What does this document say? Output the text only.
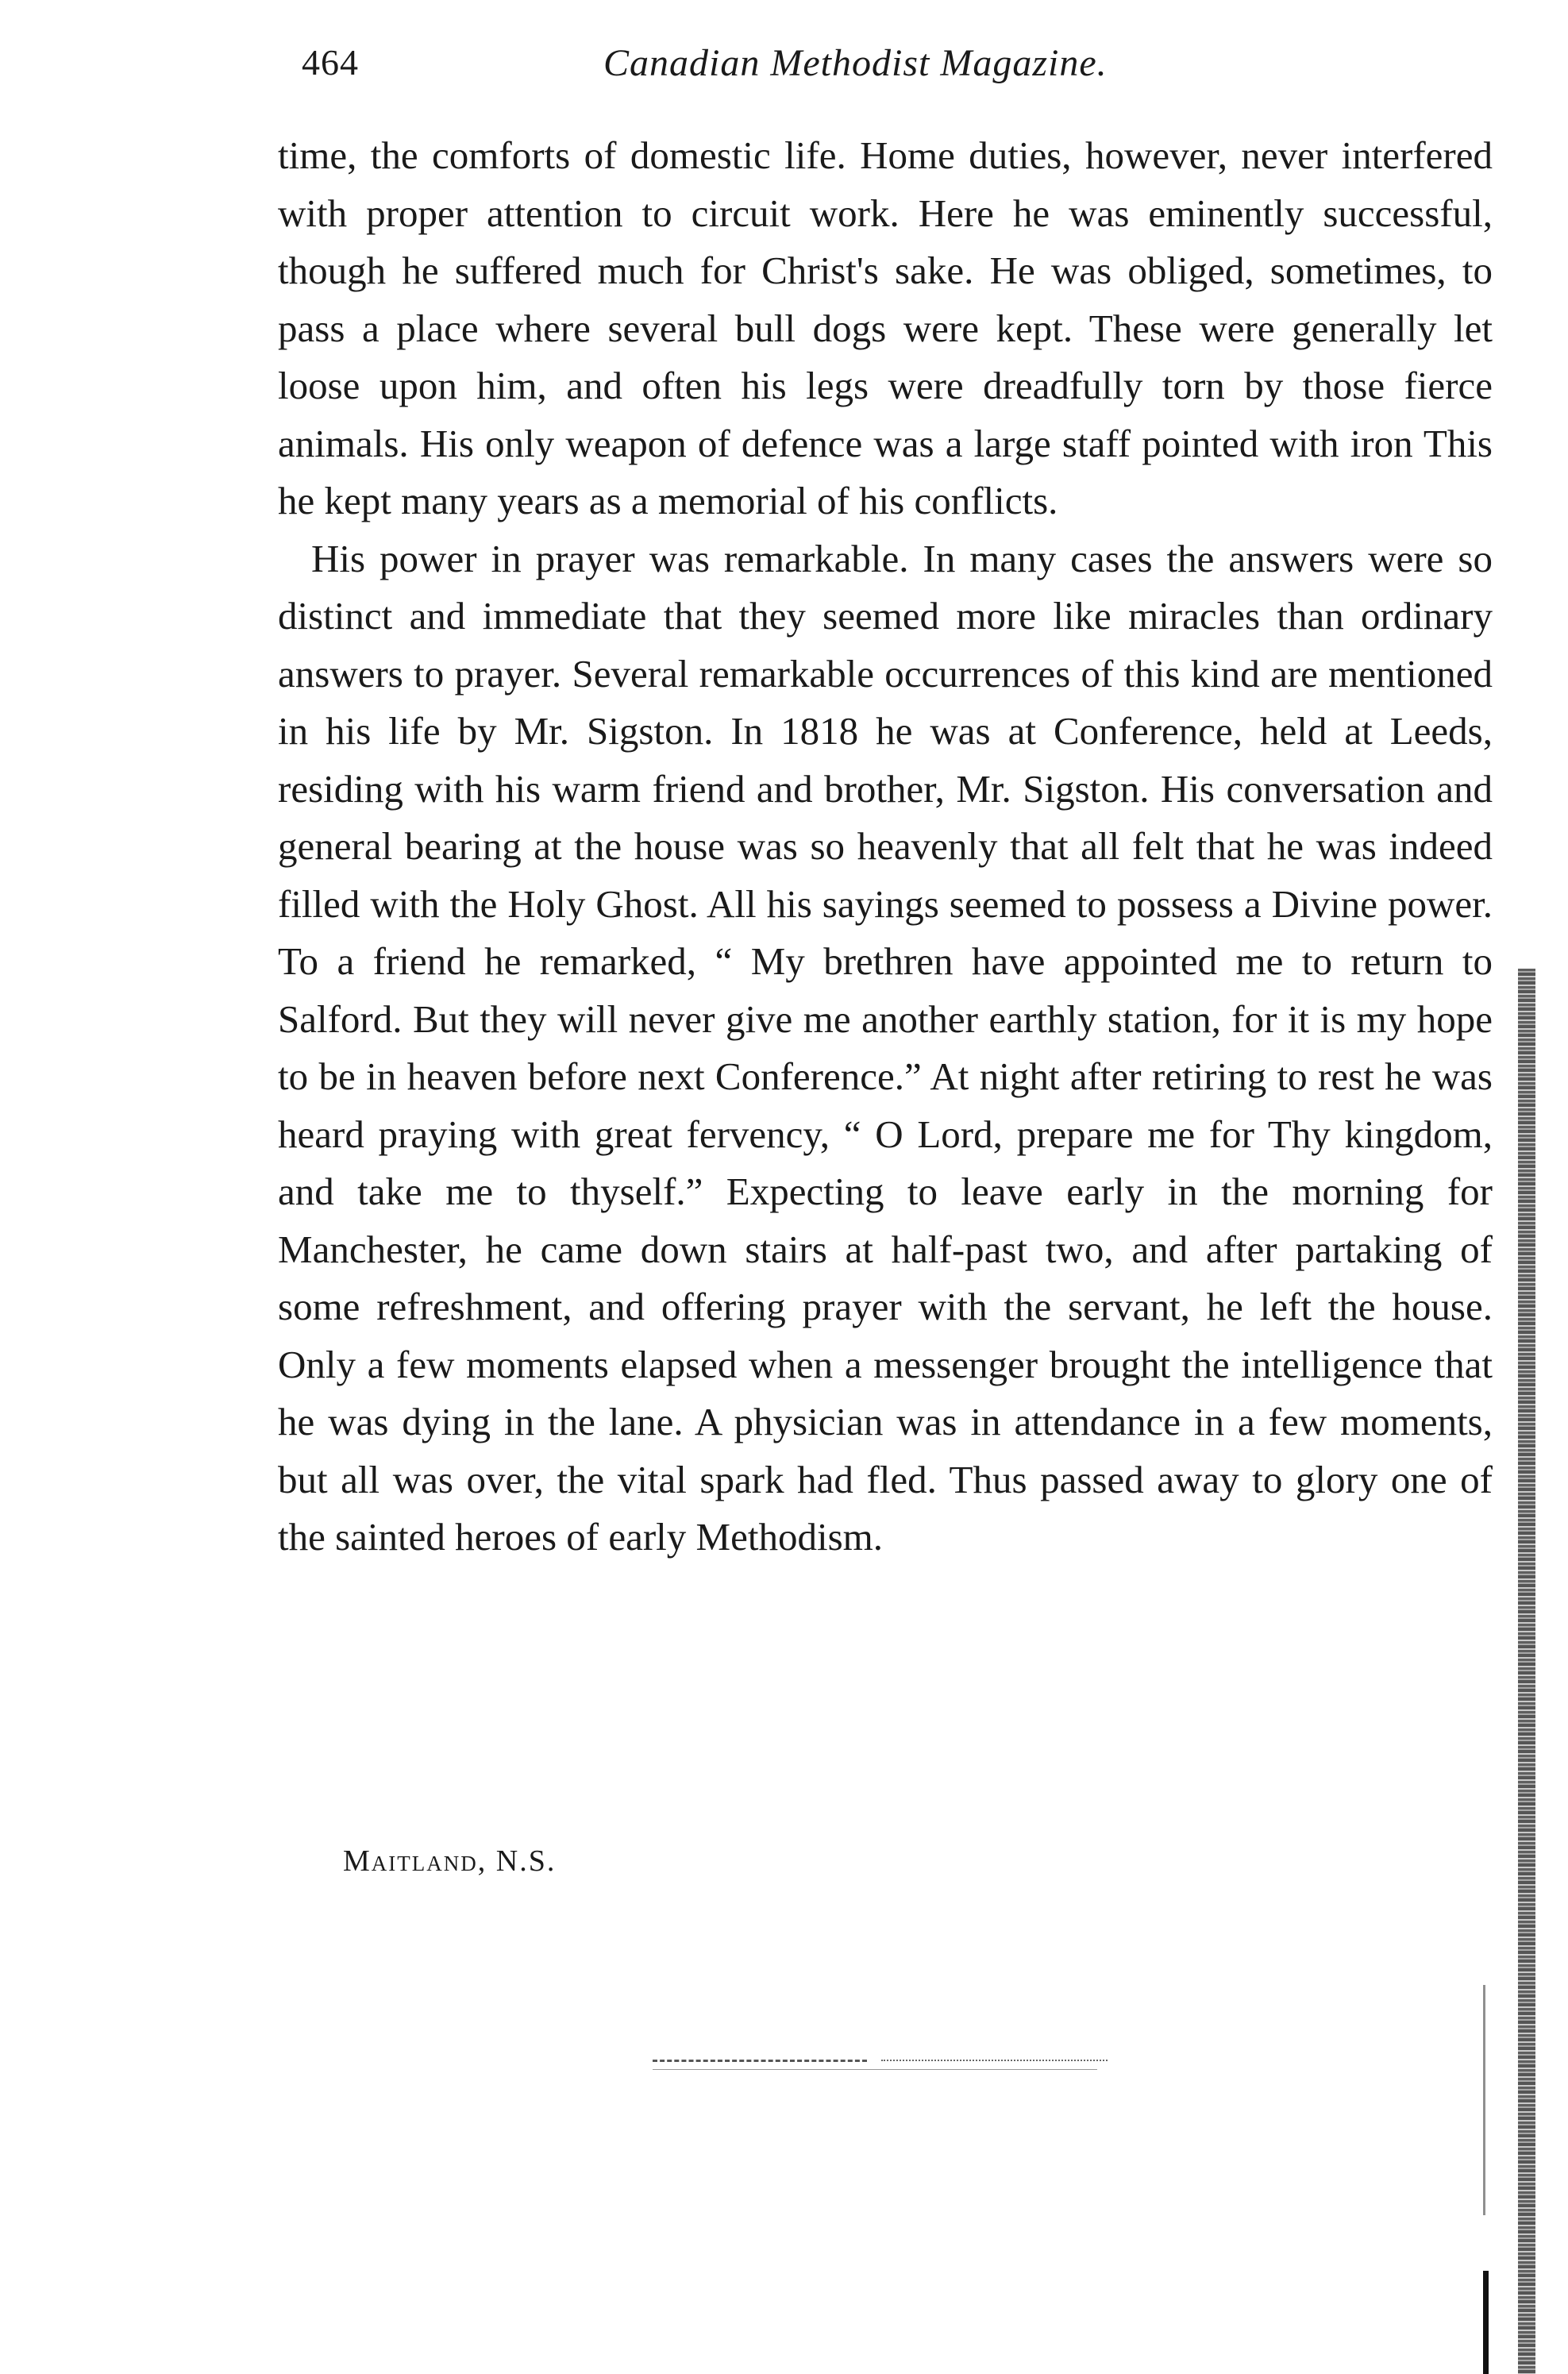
464	Canadian Methodist Magazine.

time, the comforts of domestic life. Home duties, however, never interfered with proper attention to circuit work. Here he was eminently successful, though he suffered much for Christ's sake. He was obliged, sometimes, to pass a place where several bull dogs were kept. These were generally let loose upon him, and often his legs were dreadfully torn by those fierce animals. His only weapon of defence was a large staff pointed with iron This he kept many years as a memorial of his conflicts.

His power in prayer was remarkable. In many cases the answers were so distinct and immediate that they seemed more like miracles than ordinary answers to prayer. Several remarkable occurrences of this kind are mentioned in his life by Mr. Sigston. In 1818 he was at Conference, held at Leeds, residing with his warm friend and brother, Mr. Sigston. His conversation and general bearing at the house was so heavenly that all felt that he was indeed filled with the Holy Ghost. All his sayings seemed to possess a Divine power. To a friend he remarked, “ My brethren have appointed me to return to Salford. But they will never give me another earthly station, for it is my hope to be in heaven before next Conference.” At night after retiring to rest he was heard praying with great fervency, “ O Lord, prepare me for Thy kingdom, and take me to thyself.” Expecting to leave early in the morning for Manchester, he came down stairs at half-past two, and after partaking of some refreshment, and offering prayer with the servant, he left the house. Only a few moments elapsed when a messenger brought the intelligence that he was dying in the lane. A physician was in attendance in a few moments, but all was over, the vital spark had fled. Thus passed away to glory one of the sainted heroes of early Methodism.

Maitland, N.S.
